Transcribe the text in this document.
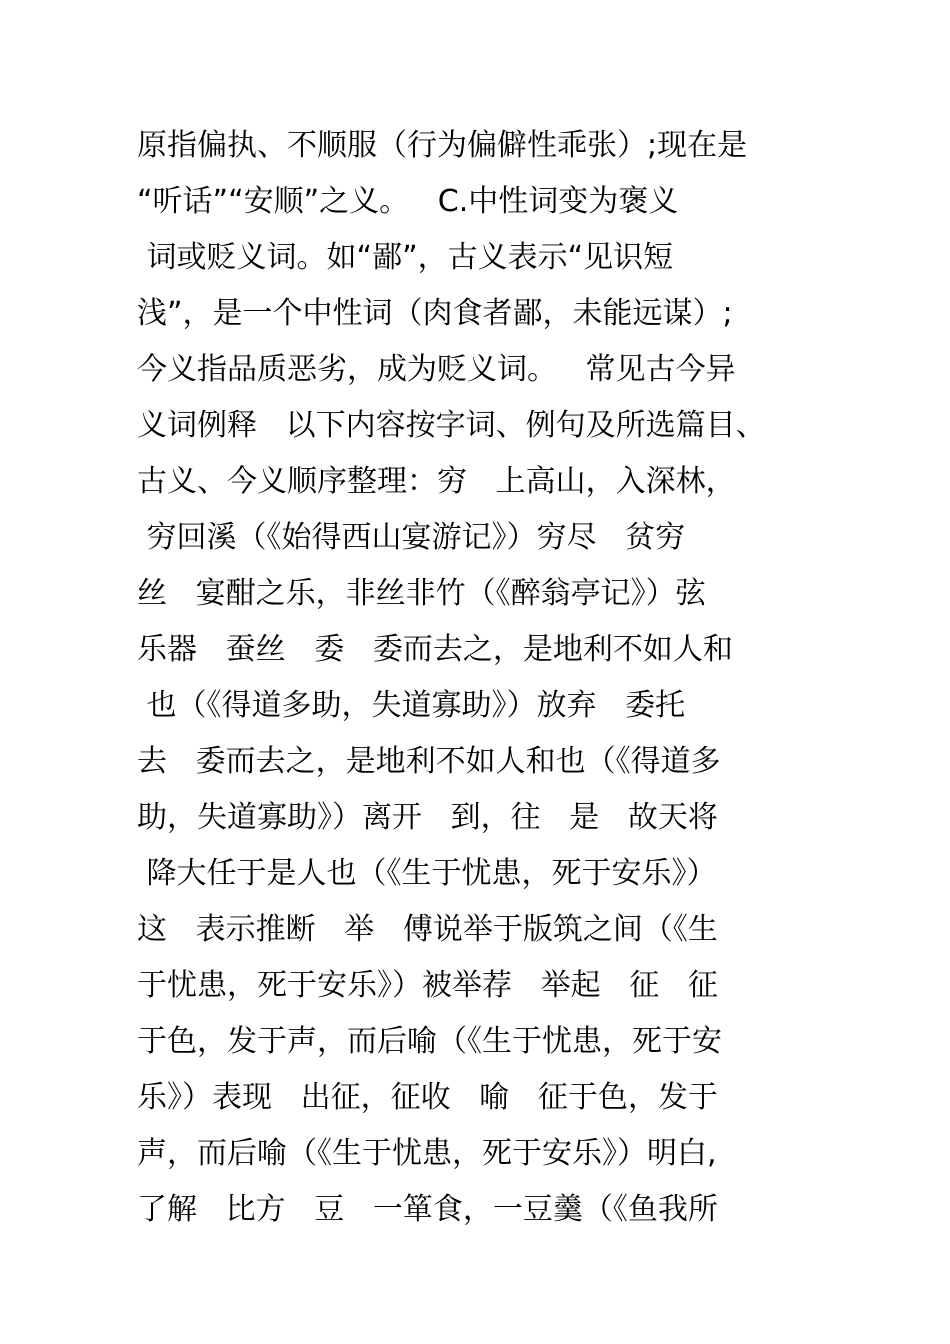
原指偏执、不顺服（行为偏僻性乖张）;现在是
“听话”“安顺”之义。   C.中性词变为褒义
词或贬义词。如“鄙”，古义表示“见识短
浅”，是一个中性词（肉食者鄙，未能远谋）;
今义指品质恶劣，成为贬义词。   常见古今异
义词例释   以下内容按字词、例句及所选篇目、
古义、今义顺序整理：穷   上高山，入深林，
穷回溪（《始得西山宴游记》）穷尽   贫穷
丝   宴酣之乐，非丝非竹（《醉翁亭记》）弦
乐器   蚕丝   委   委而去之，是地利不如人和
也（《得道多助，失道寡助》）放弃   委托
去   委而去之，是地利不如人和也（《得道多
助，失道寡助》）离开   到，往   是   故天将
降大任于是人也（《生于忧患，死于安乐》）
这   表示推断   举   傅说举于版筑之间（《生
于忧患，死于安乐》）被举荐   举起   征   征
于色，发于声，而后喻（《生于忧患，死于安
乐》）表现   出征，征收   喻   征于色，发于
声，而后喻（《生于忧患，死于安乐》）明白,
了解   比方   豆   一箪食，一豆羹（《鱼我所
